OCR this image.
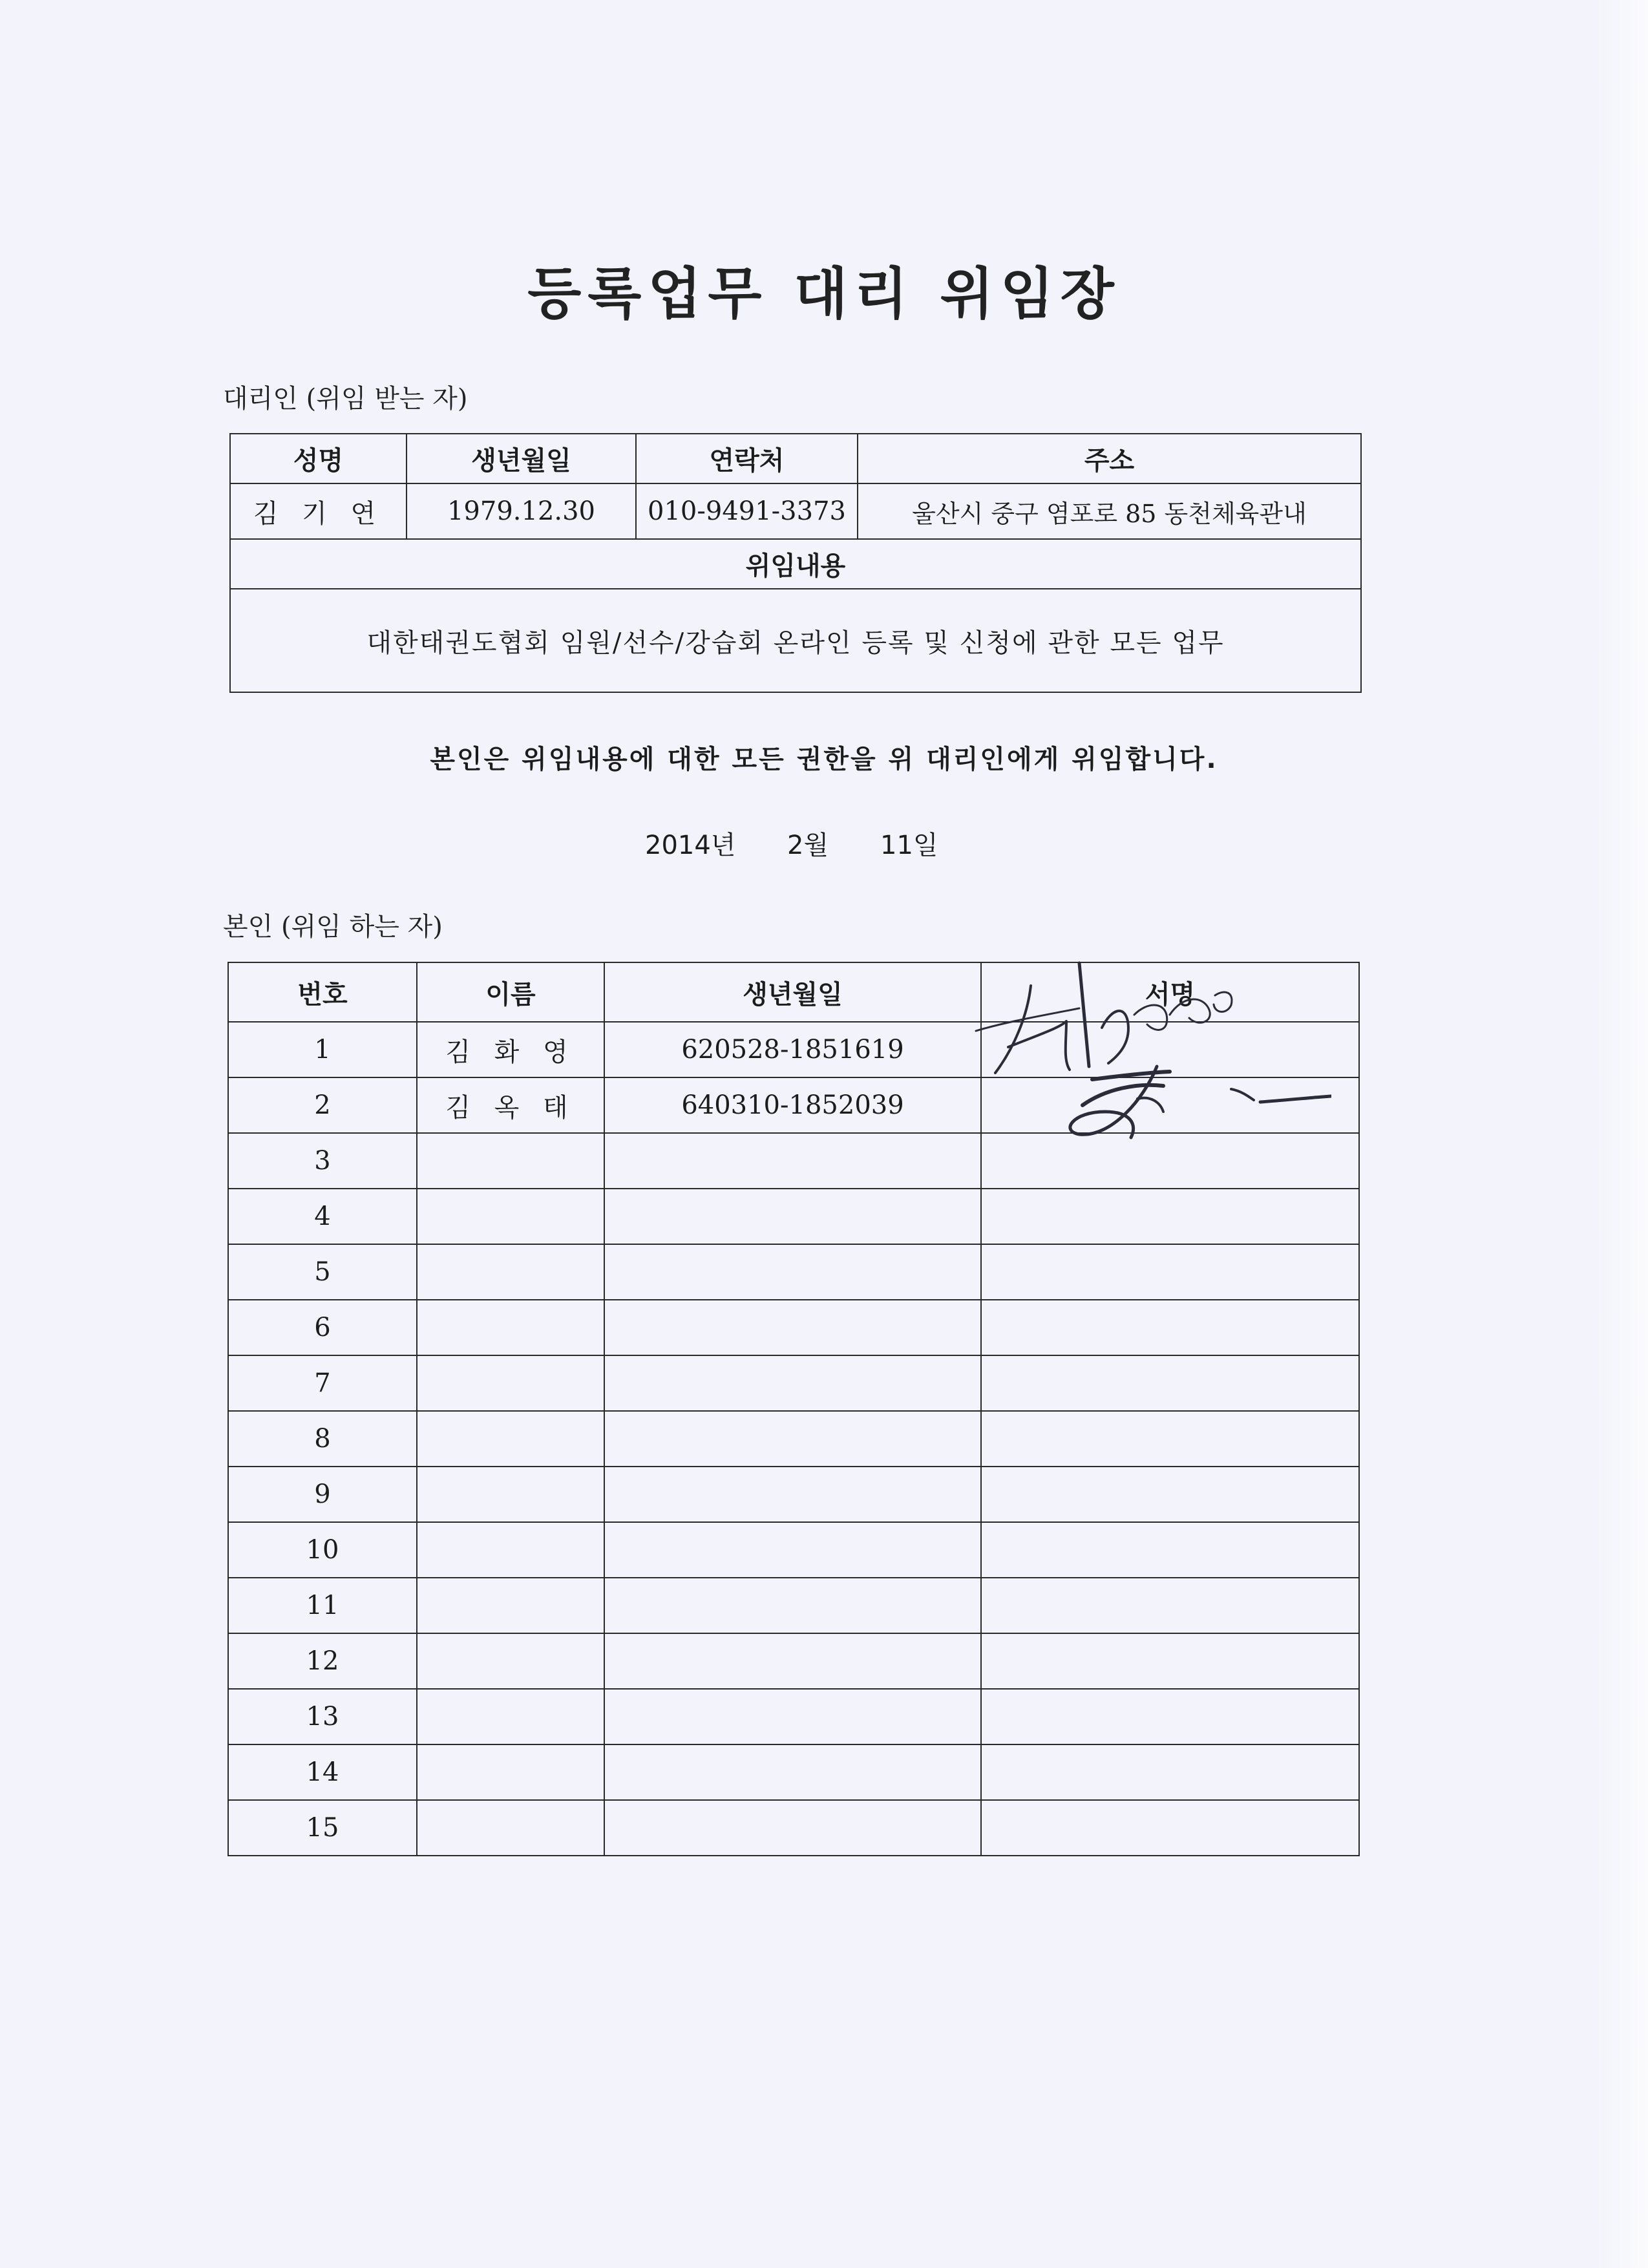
등록업무 대리 위임장
대리인 (위임 받는 자)
성명	생년월일	연락처	주소
김 기 연	1979.12.30	010-9491-3373	울산시 중구 염포로 85 동천체육관내
위임내용			
대한태권도협회 임원/선수/강습회 온라인 등록 및 신청에 관한 모든 업무			
본인은 위임내용에 대한 모든 권한을 위 대리인에게 위임합니다.
2014년 2월 11일
본인 (위임 하는 자)
번호	이름	생년월일	서명
1	김 화 영	620528-1851619	
2	김 옥 태	640310-1852039	
3			
4			
5			
6			
7			
8			
9			
10			
11			
12			
13			
14			
15			
